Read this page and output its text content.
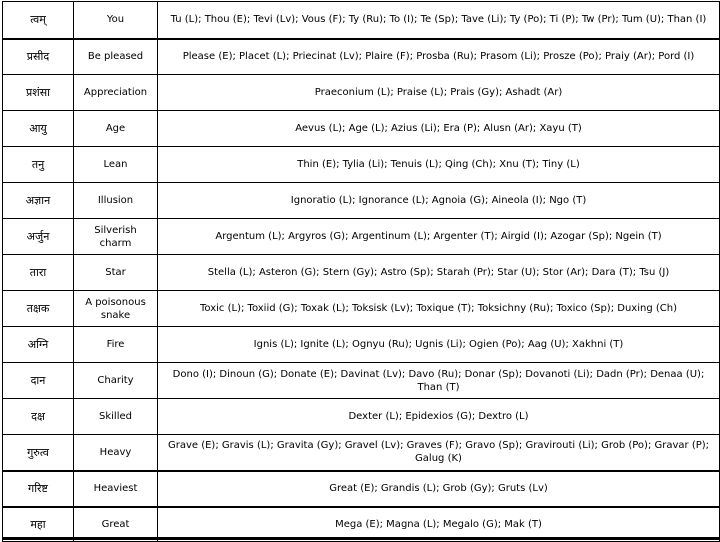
त्वम्	You	Tu (L); Thou (E); Tevi (Lv); Vous (F); Ty (Ru); To (I); Te (Sp); Tave (Li); Ty (Po); Ti (P); Tw (Pr); Tum (U); Than (I)
प्रसीद	Be pleased	Please (E); Placet (L); Priecinat (Lv); Plaire (F); Prosba (Ru); Prasom (Li); Prosze (Po); Praiy (Ar); Pord (I)
प्रशंसा	Appreciation	Praeconium (L); Praise (L); Prais (Gy); Ashadt (Ar)
आयु	Age	Aevus (L); Age (L); Azius (Li); Era (P); Alusn (Ar); Xayu (T)
तनु	Lean	Thin (E); Tylia (Li); Tenuis (L); Qing (Ch); Xnu (T); Tiny (L)
अज्ञान	Illusion	Ignoratio (L); Ignorance (L); Agnoia (G); Aineola (I); Ngo (T)
अर्जुन	Silverish charm	Argentum (L); Argyros (G); Argentinum (L); Argenter (T); Airgid (I); Azogar (Sp); Ngein (T)
तारा	Star	Stella (L); Asteron (G); Stern (Gy); Astro (Sp); Starah (Pr); Star (U); Stor (Ar); Dara (T); Tsu (J)
तक्षक	A poisonous snake	Toxic (L); Toxiid (G); Toxak (L); Toksisk (Lv); Toxique (T); Toksichny (Ru); Toxico (Sp); Duxing (Ch)
अग्नि	Fire	Ignis (L); Ignite (L); Ognyu (Ru); Ugnis (Li); Ogien (Po); Aag (U); Xakhni (T)
दान	Charity	Dono (I); Dinoun (G); Donate (E); Davinat (Lv); Davo (Ru); Donar (Sp); Dovanoti (Li); Dadn (Pr); Denaa (U); Than (T)
दक्ष	Skilled	Dexter (L); Epidexios (G); Dextro (L)
गुरुत्व	Heavy	Grave (E); Gravis (L); Gravita (Gy); Gravel (Lv); Graves (F); Gravo (Sp); Gravirouti (Li); Grob (Po); Gravar (P); Galug (K)
गरिष्ट	Heaviest	Great (E); Grandis (L); Grob (Gy); Gruts (Lv)
महा	Great	Mega (E); Magna (L); Megalo (G); Mak (T)
